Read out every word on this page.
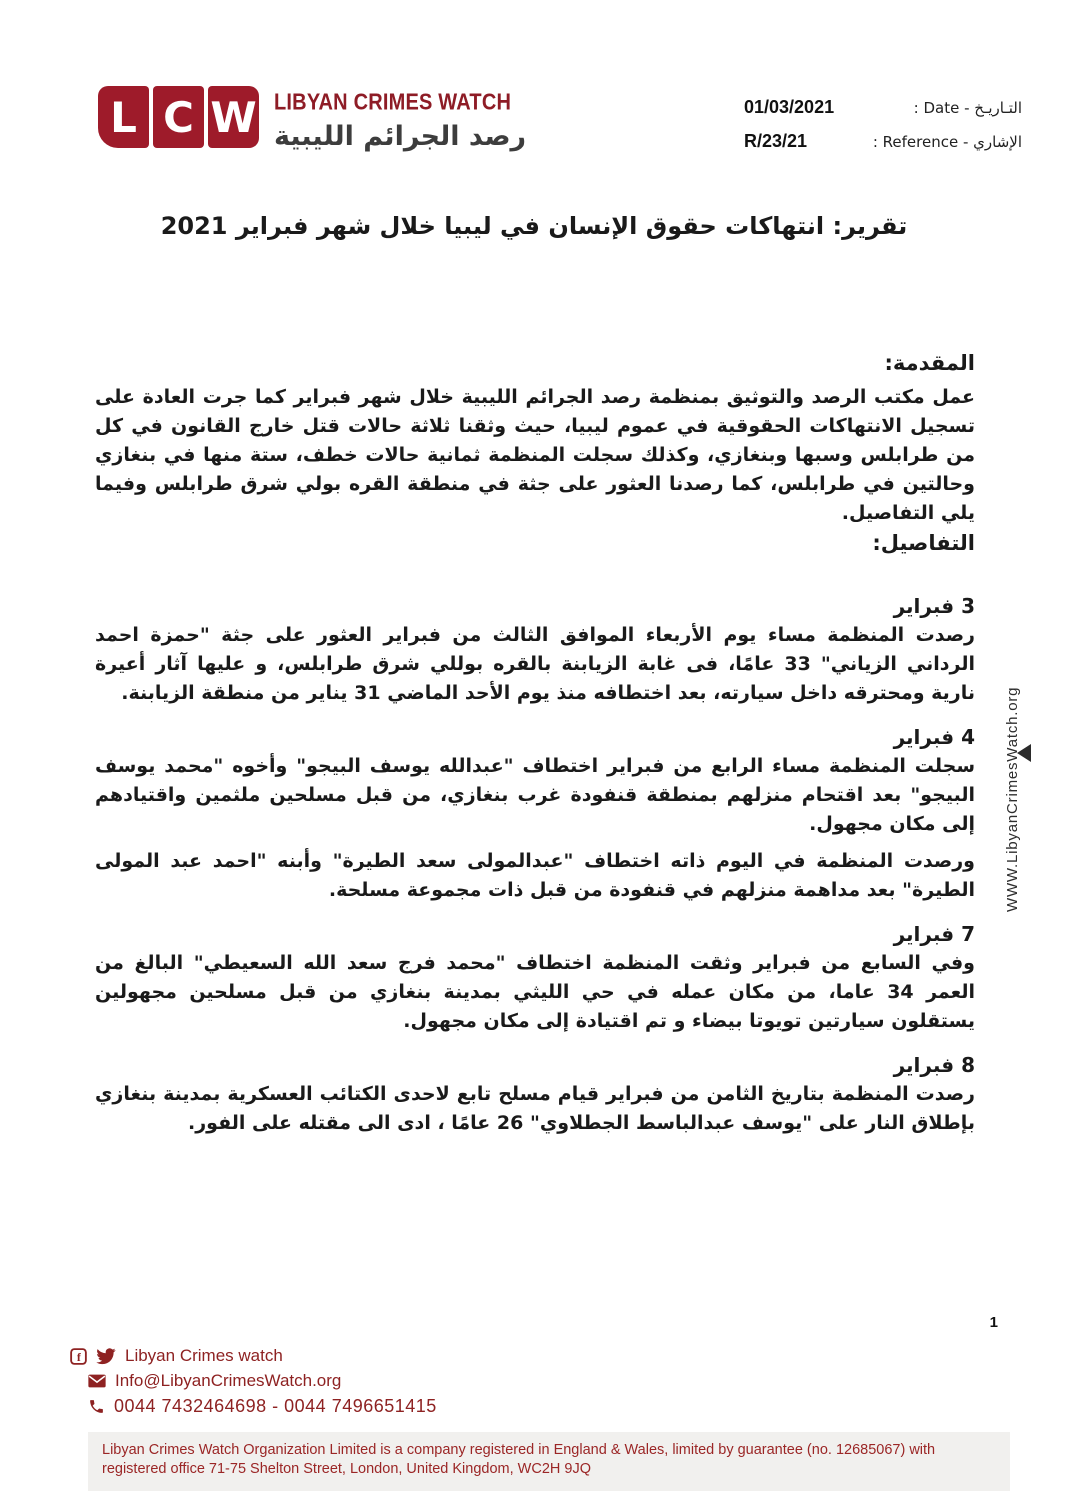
L C W LIBYAN CRIMES WATCH
رصد الجرائم الليبية
01/03/2021	التـاريـخ - Date :
R/23/21	الإشاري - Reference :
تقرير: انتهاكات حقوق الإنسان في ليبيا خلال شهر فبراير 2021
المقدمة:

عمل مكتب الرصد والتوثيق بمنظمة رصد الجرائم الليبية خلال شهر فبراير كما جرت العادة على تسجيل الانتهاكات الحقوقية في عموم ليبيا، حيث وثقنا ثلاثة حالات قتل خارج القانون في كل من طرابلس وسبها وبنغازي، وكذلك سجلت المنظمة ثمانية حالات خطف، ستة منها في بنغازي وحالتين في طرابلس، كما رصدنا العثور على جثة في منطقة القره بولي شرق طرابلس وفيما يلي التفاصيل.

التفاصيل:
3 فبراير

رصدت المنظمة مساء يوم الأربعاء الموافق الثالث من فبراير العثور على جثة "حمزة احمد الرداني الزياني" 33 عامًا، فى غابة الزيابنة بالقره بوللي شرق طرابلس، و عليها آثار أعيرة نارية ومحترقه داخل سيارته، بعد اختطافه منذ يوم الأحد الماضي 31 يناير من منطقة الزيابنة.

4 فبراير

سجلت المنظمة مساء الرابع من فبراير اختطاف "عبدالله يوسف البيجو" وأخوه "محمد يوسف البيجو" بعد اقتحام منزلهم بمنطقة قنفودة غرب بنغازي، من قبل مسلحين ملثمين واقتيادهم إلى مكان مجهول.

ورصدت المنظمة في اليوم ذاته اختطاف "عبدالمولى سعد الطيرة" وأبنه "احمد عبد المولى الطيرة" بعد مداهمة منزلهم في قنفودة من قبل ذات مجموعة مسلحة.

7 فبراير

وفي السابع من فبراير وثقت المنظمة اختطاف "محمد فرج سعد الله السعيطي" البالغ من العمر 34 عاما، من مكان عمله في حي الليثي بمدينة بنغازي من قبل مسلحين مجهولين يستقلون سيارتين تويوتا بيضاء و تم اقتيادة إلى مكان مجهول.

8 فبراير

رصدت المنظمة بتاريخ الثامن من فبراير قيام مسلح تابع لاحدى الكتائب العسكرية بمدينة بنغازي بإطلاق النار على "يوسف عبدالباسط الجطلاوي" 26 عامًا ، ادى الى مقتله على الفور.

WWW.LibyanCrimesWatch.org
1
f	Libyan Crimes watch
Info@LibyanCrimesWatch.org
0044 7432464698 - 0044 7496651415
Libyan Crimes Watch Organization Limited is a company registered in England & Wales, limited by guarantee (no. 12685067) with registered office 71-75 Shelton Street, London, United Kingdom, WC2H 9JQ
